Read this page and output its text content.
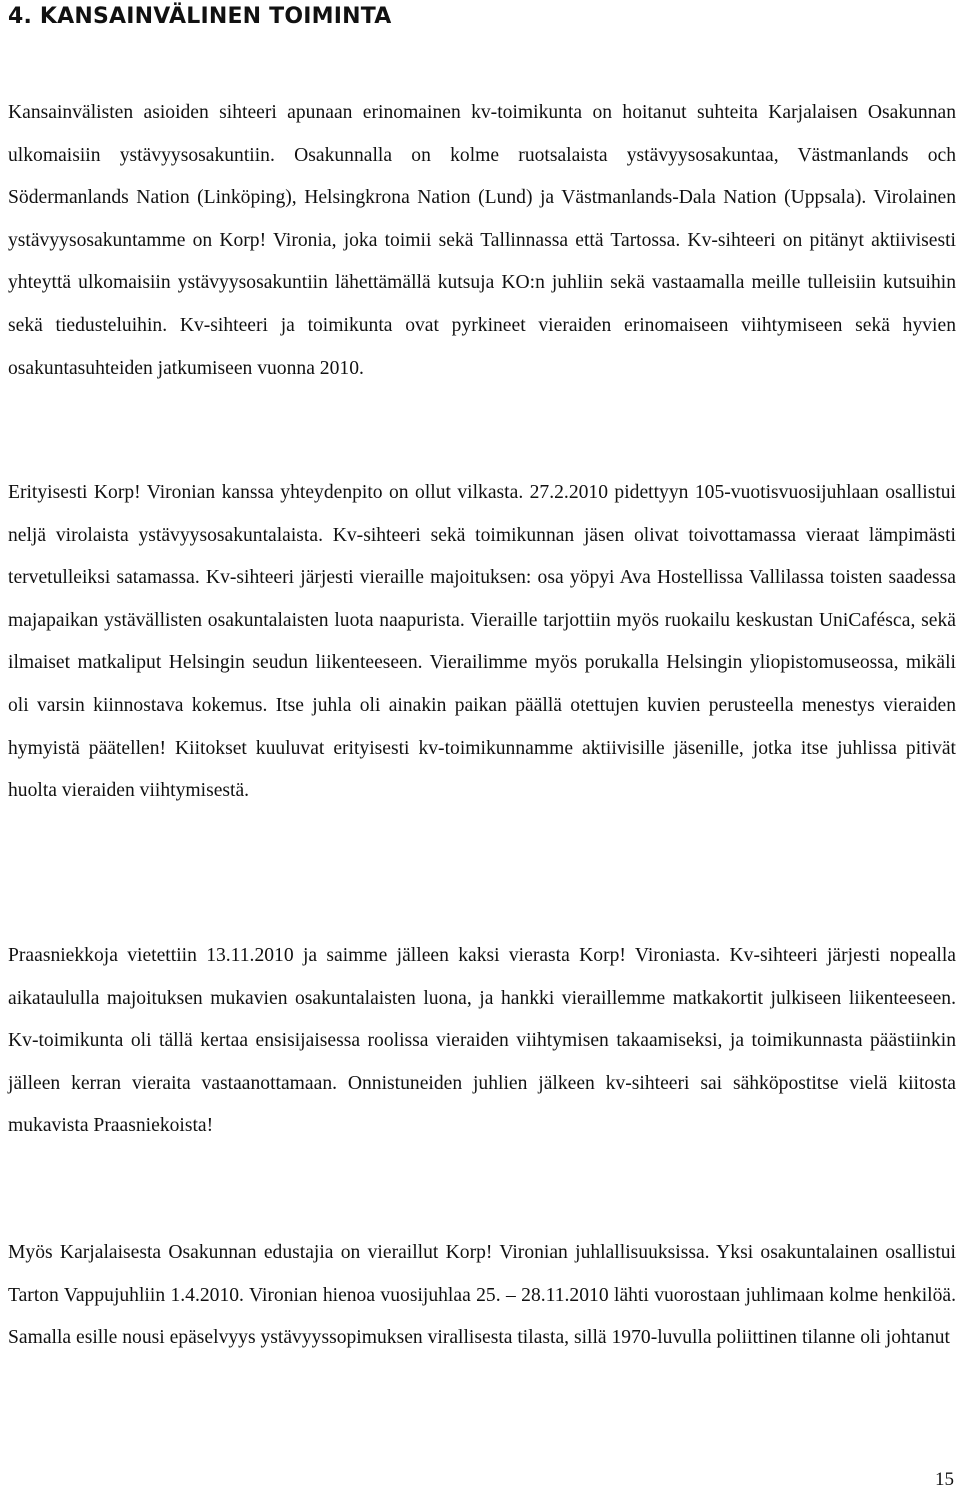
4. KANSAINVÄLINEN TOIMINTA

Kansainvälisten asioiden sihteeri apunaan erinomainen kv-toimikunta on hoitanut suhteita Karjalaisen Osakunnan ulkomaisiin ystävyysosakuntiin. Osakunnalla on kolme ruotsalaista ystävyysosakuntaa, Västmanlands och Södermanlands Nation (Linköping), Helsingkrona Nation (Lund) ja Västmanlands-Dala Nation (Uppsala). Virolainen ystävyysosakuntamme on Korp! Vironia, joka toimii sekä Tallinnassa että Tartossa. Kv-sihteeri on pitänyt aktiivisesti yhteyttä ulkomaisiin ystävyysosakuntiin lähettämällä kutsuja KO:n juhliin sekä vastaamalla meille tulleisiin kutsuihin sekä tiedusteluihin. Kv-sihteeri ja toimikunta ovat pyrkineet vieraiden erinomaiseen viihtymiseen sekä hyvien osakuntasuhteiden jatkumiseen vuonna 2010.

Erityisesti Korp! Vironian kanssa yhteydenpito on ollut vilkasta. 27.2.2010 pidettyyn 105-vuotisvuosijuhlaan osallistui neljä virolaista ystävyysosakuntalaista. Kv-sihteeri sekä toimikunnan jäsen olivat toivottamassa vieraat lämpimästi tervetulleiksi satamassa. Kv-sihteeri järjesti vieraille majoituksen: osa yöpyi Ava Hostellissa Vallilassa toisten saadessa majapaikan ystävällisten osakuntalaisten luota naapurista. Vieraille tarjottiin myös ruokailu keskustan UniCafésса, sekä ilmaiset matkaliput Helsingin seudun liikenteeseen. Vierailimme myös porukalla Helsingin yliopistomuseossa, mikäli oli varsin kiinnostava kokemus. Itse juhla oli ainakin paikan päällä otettujen kuvien perusteella menestys vieraiden hymyistä päätellen! Kiitokset kuuluvat erityisesti kv-toimikunnamme aktiivisille jäsenille, jotka itse juhlissa pitivät huolta vieraiden viihtymisestä.

Praasniekkoja vietettiin 13.11.2010 ja saimme jälleen kaksi vierasta Korp! Vironiasta. Kv-sihteeri järjesti nopealla aikataululla majoituksen mukavien osakuntalaisten luona, ja hankki vieraillemme matkakortit julkiseen liikenteeseen. Kv-toimikunta oli tällä kertaa ensisijaisessa roolissa vieraiden viihtymisen takaamiseksi, ja toimikunnasta päästiinkin jälleen kerran vieraita vastaanottamaan. Onnistuneiden juhlien jälkeen kv-sihteeri sai sähköpostitse vielä kiitosta mukavista Praasniekoista!

Myös Karjalaisesta Osakunnan edustajia on vieraillut Korp! Vironian juhlallisuuksissa. Yksi osakuntalainen osallistui Tarton Vappujuhliin 1.4.2010. Vironian hienoa vuosijuhlaa 25. – 28.11.2010 lähti vuorostaan juhlimaan kolme henkilöä. Samalla esille nousi epäselvyys ystävyyssopimuksen virallisesta tilasta, sillä 1970-luvulla poliittinen tilanne oli johtanut

15
